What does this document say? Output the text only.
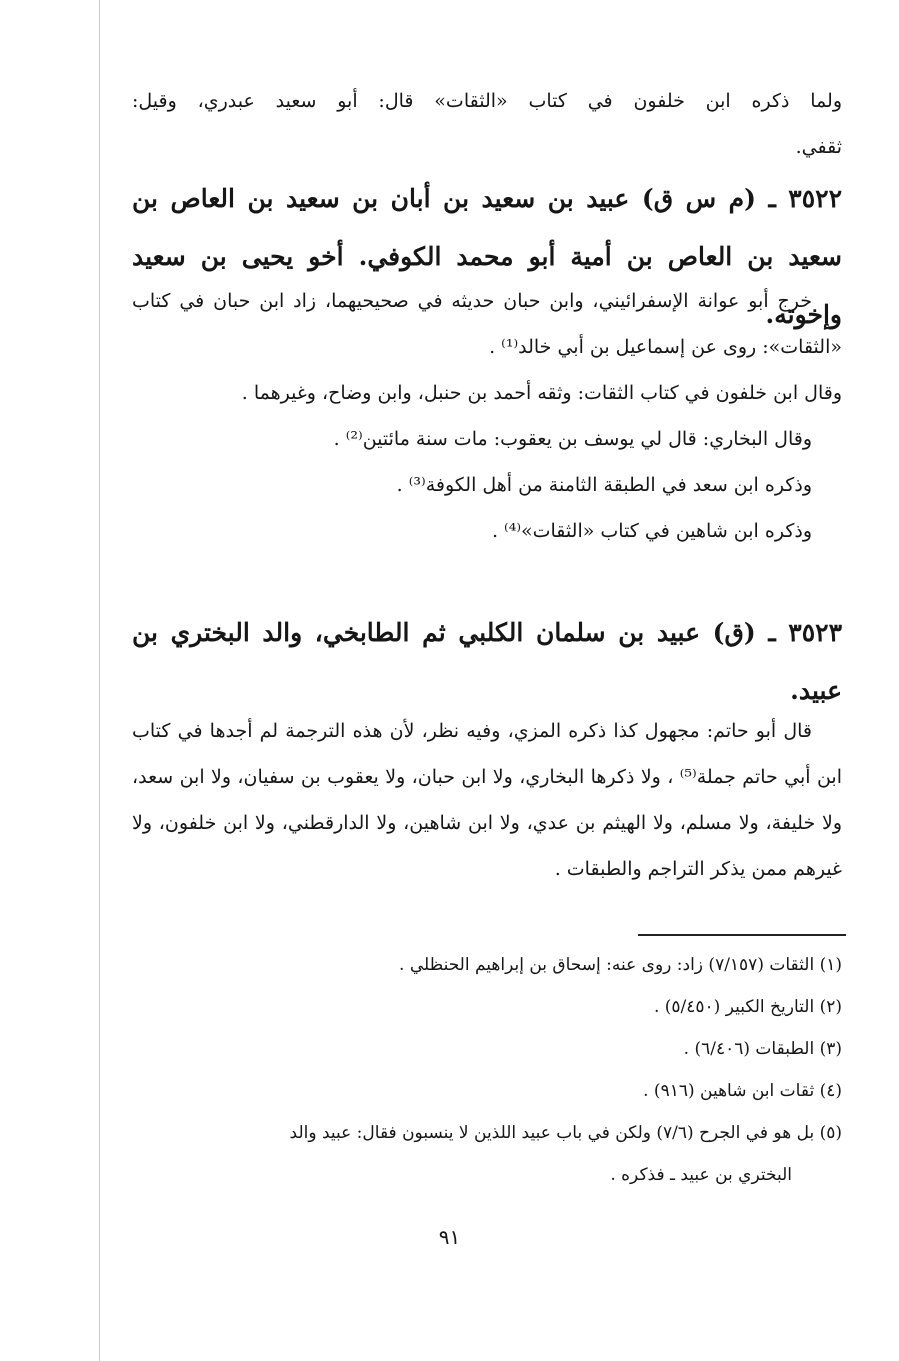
ولما ذكره ابن خلفون في كتاب «الثقات» قال: أبو سعيد عبدري، وقيل:

ثقفي.

٣٥٢٢ ـ (م س ق) عبيد بن سعيد بن أبان بن سعيد بن العاص بن

سعيد بن العاص بن أمية أبو محمد الكوفي. أخو يحيى بن سعيد وإخوته.

خرج أبو عوانة الإسفرائيني، وابن حبان حديثه في صحيحيهما، زاد ابن حبان في كتاب «الثقات»: روى عن إسماعيل بن أبي خالد⁽¹⁾ .

وقال ابن خلفون في كتاب الثقات: وثقه أحمد بن حنبل، وابن وضاح، وغيرهما .

وقال البخاري: قال لي يوسف بن يعقوب: مات سنة مائتين⁽²⁾ .

وذكره ابن سعد في الطبقة الثامنة من أهل الكوفة⁽³⁾ .

وذكره ابن شاهين في كتاب «الثقات»⁽⁴⁾ .

٣٥٢٣ ـ (ق) عبيد بن سلمان الكلبي ثم الطابخي، والد البختري بن

عبيد.

قال أبو حاتم: مجهول كذا ذكره المزي، وفيه نظر، لأن هذه الترجمة لم أجدها في كتاب ابن أبي حاتم جملة⁽⁵⁾ ، ولا ذكرها البخاري، ولا ابن حبان، ولا يعقوب بن سفيان، ولا ابن سعد، ولا خليفة، ولا مسلم، ولا الهيثم بن عدي، ولا ابن شاهين، ولا الدارقطني، ولا ابن خلفون، ولا غيرهم ممن يذكر التراجم والطبقات .

(١) الثقات (٧/١٥٧) زاد: روى عنه: إسحاق بن إبراهيم الحنظلي .

(٢) التاريخ الكبير (٥/٤٥٠) .

(٣) الطبقات (٦/٤٠٦) .

(٤) ثقات ابن شاهين (٩١٦) .

(٥) بل هو في الجرح (٧/٦) ولكن في باب عبيد اللذين لا ينسبون فقال: عبيد والد

البختري بن عبيد ـ فذكره .

٩١
